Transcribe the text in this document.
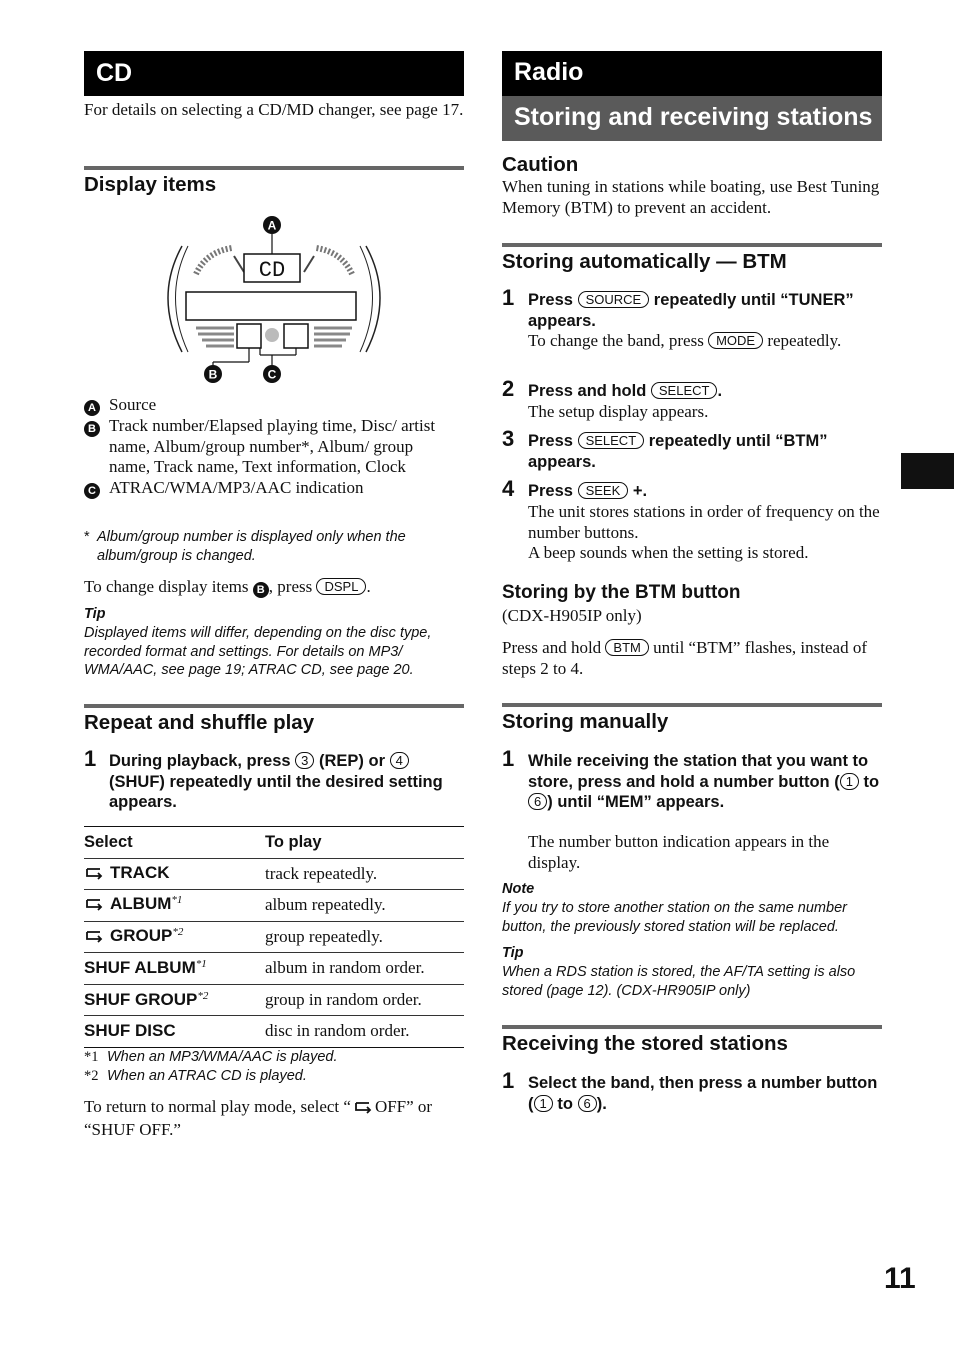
CD
For details on selecting a CD/MD changer, see page 17.
Display items
CD
A
B	C
A Source
B Track number/Elapsed playing time, Disc/ artist name, Album/group number*, Album/ group name, Track name, Text information, Clock
C ATRAC/WMA/MP3/AAC indication
* Album/group number is displayed only when the album/group is changed.
To change display items B , press DSPL .
Tip
Displayed items will differ, depending on the disc type, recorded format and settings. For details on MP3/ WMA/AAC, see page 19; ATRAC CD, see page 20.
Repeat and shuffle play
1 During playback, press 3 (REP) or 4 (SHUF) repeatedly until the desired setting appears.
Select	To play
TRACK	track repeatedly.
ALBUM$^{*1}$	album repeatedly.
GROUP$^{*2}$	group repeatedly.
SHUF ALBUM$^{*1}$	album in random order.
SHUF GROUP$^{*2}$	group in random order.
SHUF DISC	disc in random order.
*1 When an MP3/WMA/AAC is played.
*2 When an ATRAC CD is played.
To return to normal play mode, select “ OFF” or “SHUF OFF.”
Radio
Storing and receiving stations
Caution
When tuning in stations while boating, use Best Tuning Memory (BTM) to prevent an accident.
Storing automatically — BTM
1 Press SOURCE repeatedly until “TUNER” appears.
To change the band, press MODE repeatedly.
2 Press and hold SELECT .
The setup display appears.
3 Press SELECT repeatedly until “BTM” appears.
4 Press SEEK +.
The unit stores stations in order of frequency on the number buttons.
A beep sounds when the setting is stored.
Storing by the BTM button
(CDX-H905IP only)
Press and hold BTM until “BTM” flashes, instead of steps 2 to 4.
Storing manually
1 While receiving the station that you want to store, press and hold a number button ( 1 to 6 ) until “MEM” appears.
The number button indication appears in the display.
Note
If you try to store another station on the same number button, the previously stored station will be replaced.
Tip
When a RDS station is stored, the AF/TA setting is also stored (page 12). (CDX-HR905IP only)
Receiving the stored stations
1 Select the band, then press a number button ( 1 to 6 ).
11
